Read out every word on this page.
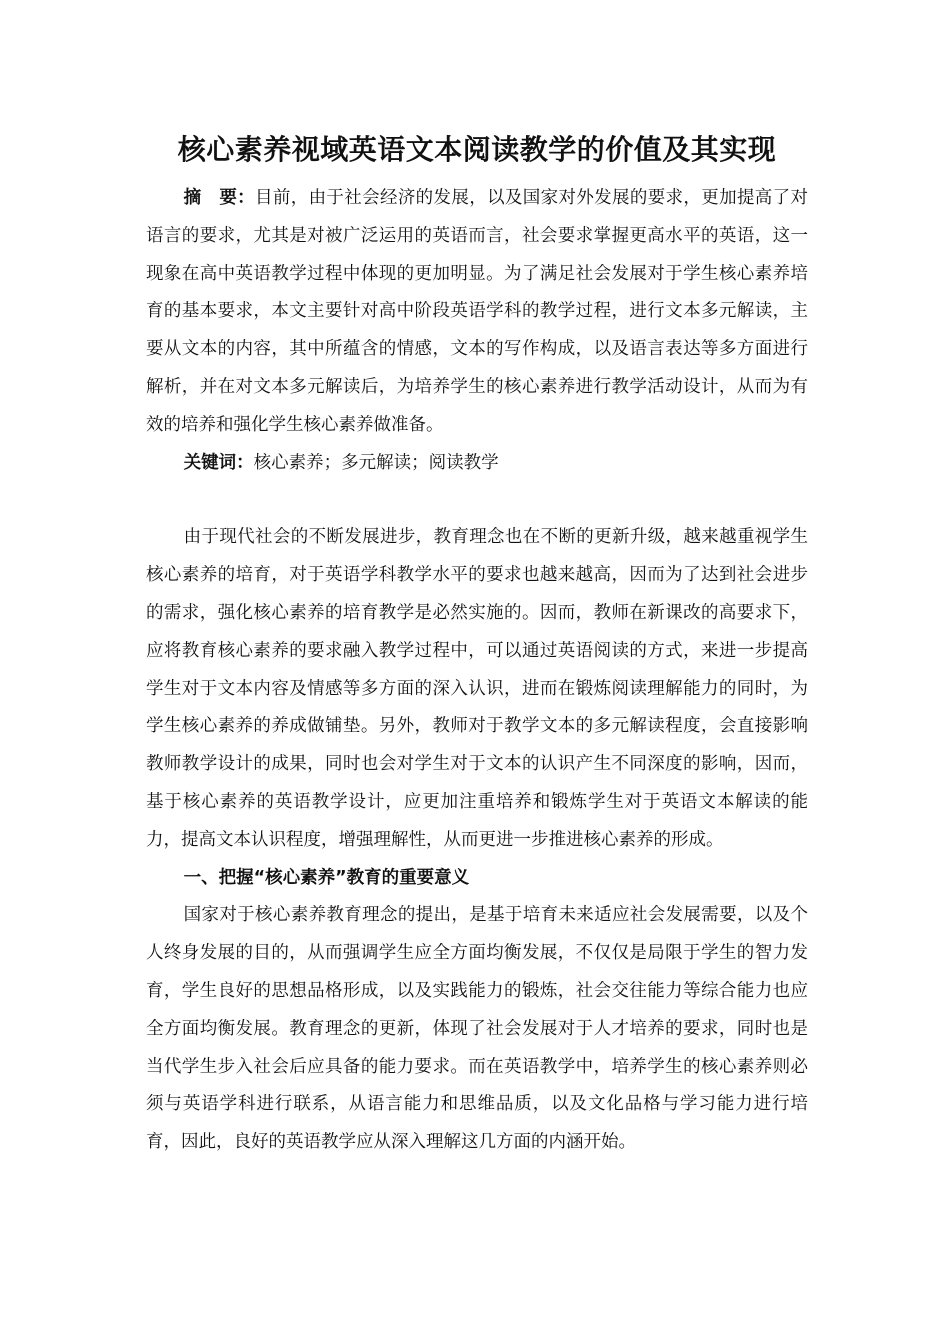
核心素养视域英语文本阅读教学的价值及其实现

摘　要：目前，由于社会经济的发展，以及国家对外发展的要求，更加提高了对语言的要求，尤其是对被广泛运用的英语而言，社会要求掌握更高水平的英语，这一现象在高中英语教学过程中体现的更加明显。为了满足社会发展对于学生核心素养培育的基本要求，本文主要针对高中阶段英语学科的教学过程，进行文本多元解读，主要从文本的内容，其中所蕴含的情感，文本的写作构成，以及语言表达等多方面进行解析，并在对文本多元解读后，为培养学生的核心素养进行教学活动设计，从而为有效的培养和强化学生核心素养做准备。

关键词：核心素养；多元解读；阅读教学

由于现代社会的不断发展进步，教育理念也在不断的更新升级，越来越重视学生核心素养的培育，对于英语学科教学水平的要求也越来越高，因而为了达到社会进步的需求，强化核心素养的培育教学是必然实施的。因而，教师在新课改的高要求下，应将教育核心素养的要求融入教学过程中，可以通过英语阅读的方式，来进一步提高学生对于文本内容及情感等多方面的深入认识，进而在锻炼阅读理解能力的同时，为学生核心素养的养成做铺垫。另外，教师对于教学文本的多元解读程度，会直接影响教师教学设计的成果，同时也会对学生对于文本的认识产生不同深度的影响，因而，基于核心素养的英语教学设计，应更加注重培养和锻炼学生对于英语文本解读的能力，提高文本认识程度，增强理解性，从而更进一步推进核心素养的形成。

一、把握“核心素养”教育的重要意义

国家对于核心素养教育理念的提出，是基于培育未来适应社会发展需要，以及个人终身发展的目的，从而强调学生应全方面均衡发展，不仅仅是局限于学生的智力发育，学生良好的思想品格形成，以及实践能力的锻炼，社会交往能力等综合能力也应全方面均衡发展。教育理念的更新，体现了社会发展对于人才培养的要求，同时也是当代学生步入社会后应具备的能力要求。而在英语教学中，培养学生的核心素养则必须与英语学科进行联系，从语言能力和思维品质，以及文化品格与学习能力进行培育，因此，良好的英语教学应从深入理解这几方面的内涵开始。
